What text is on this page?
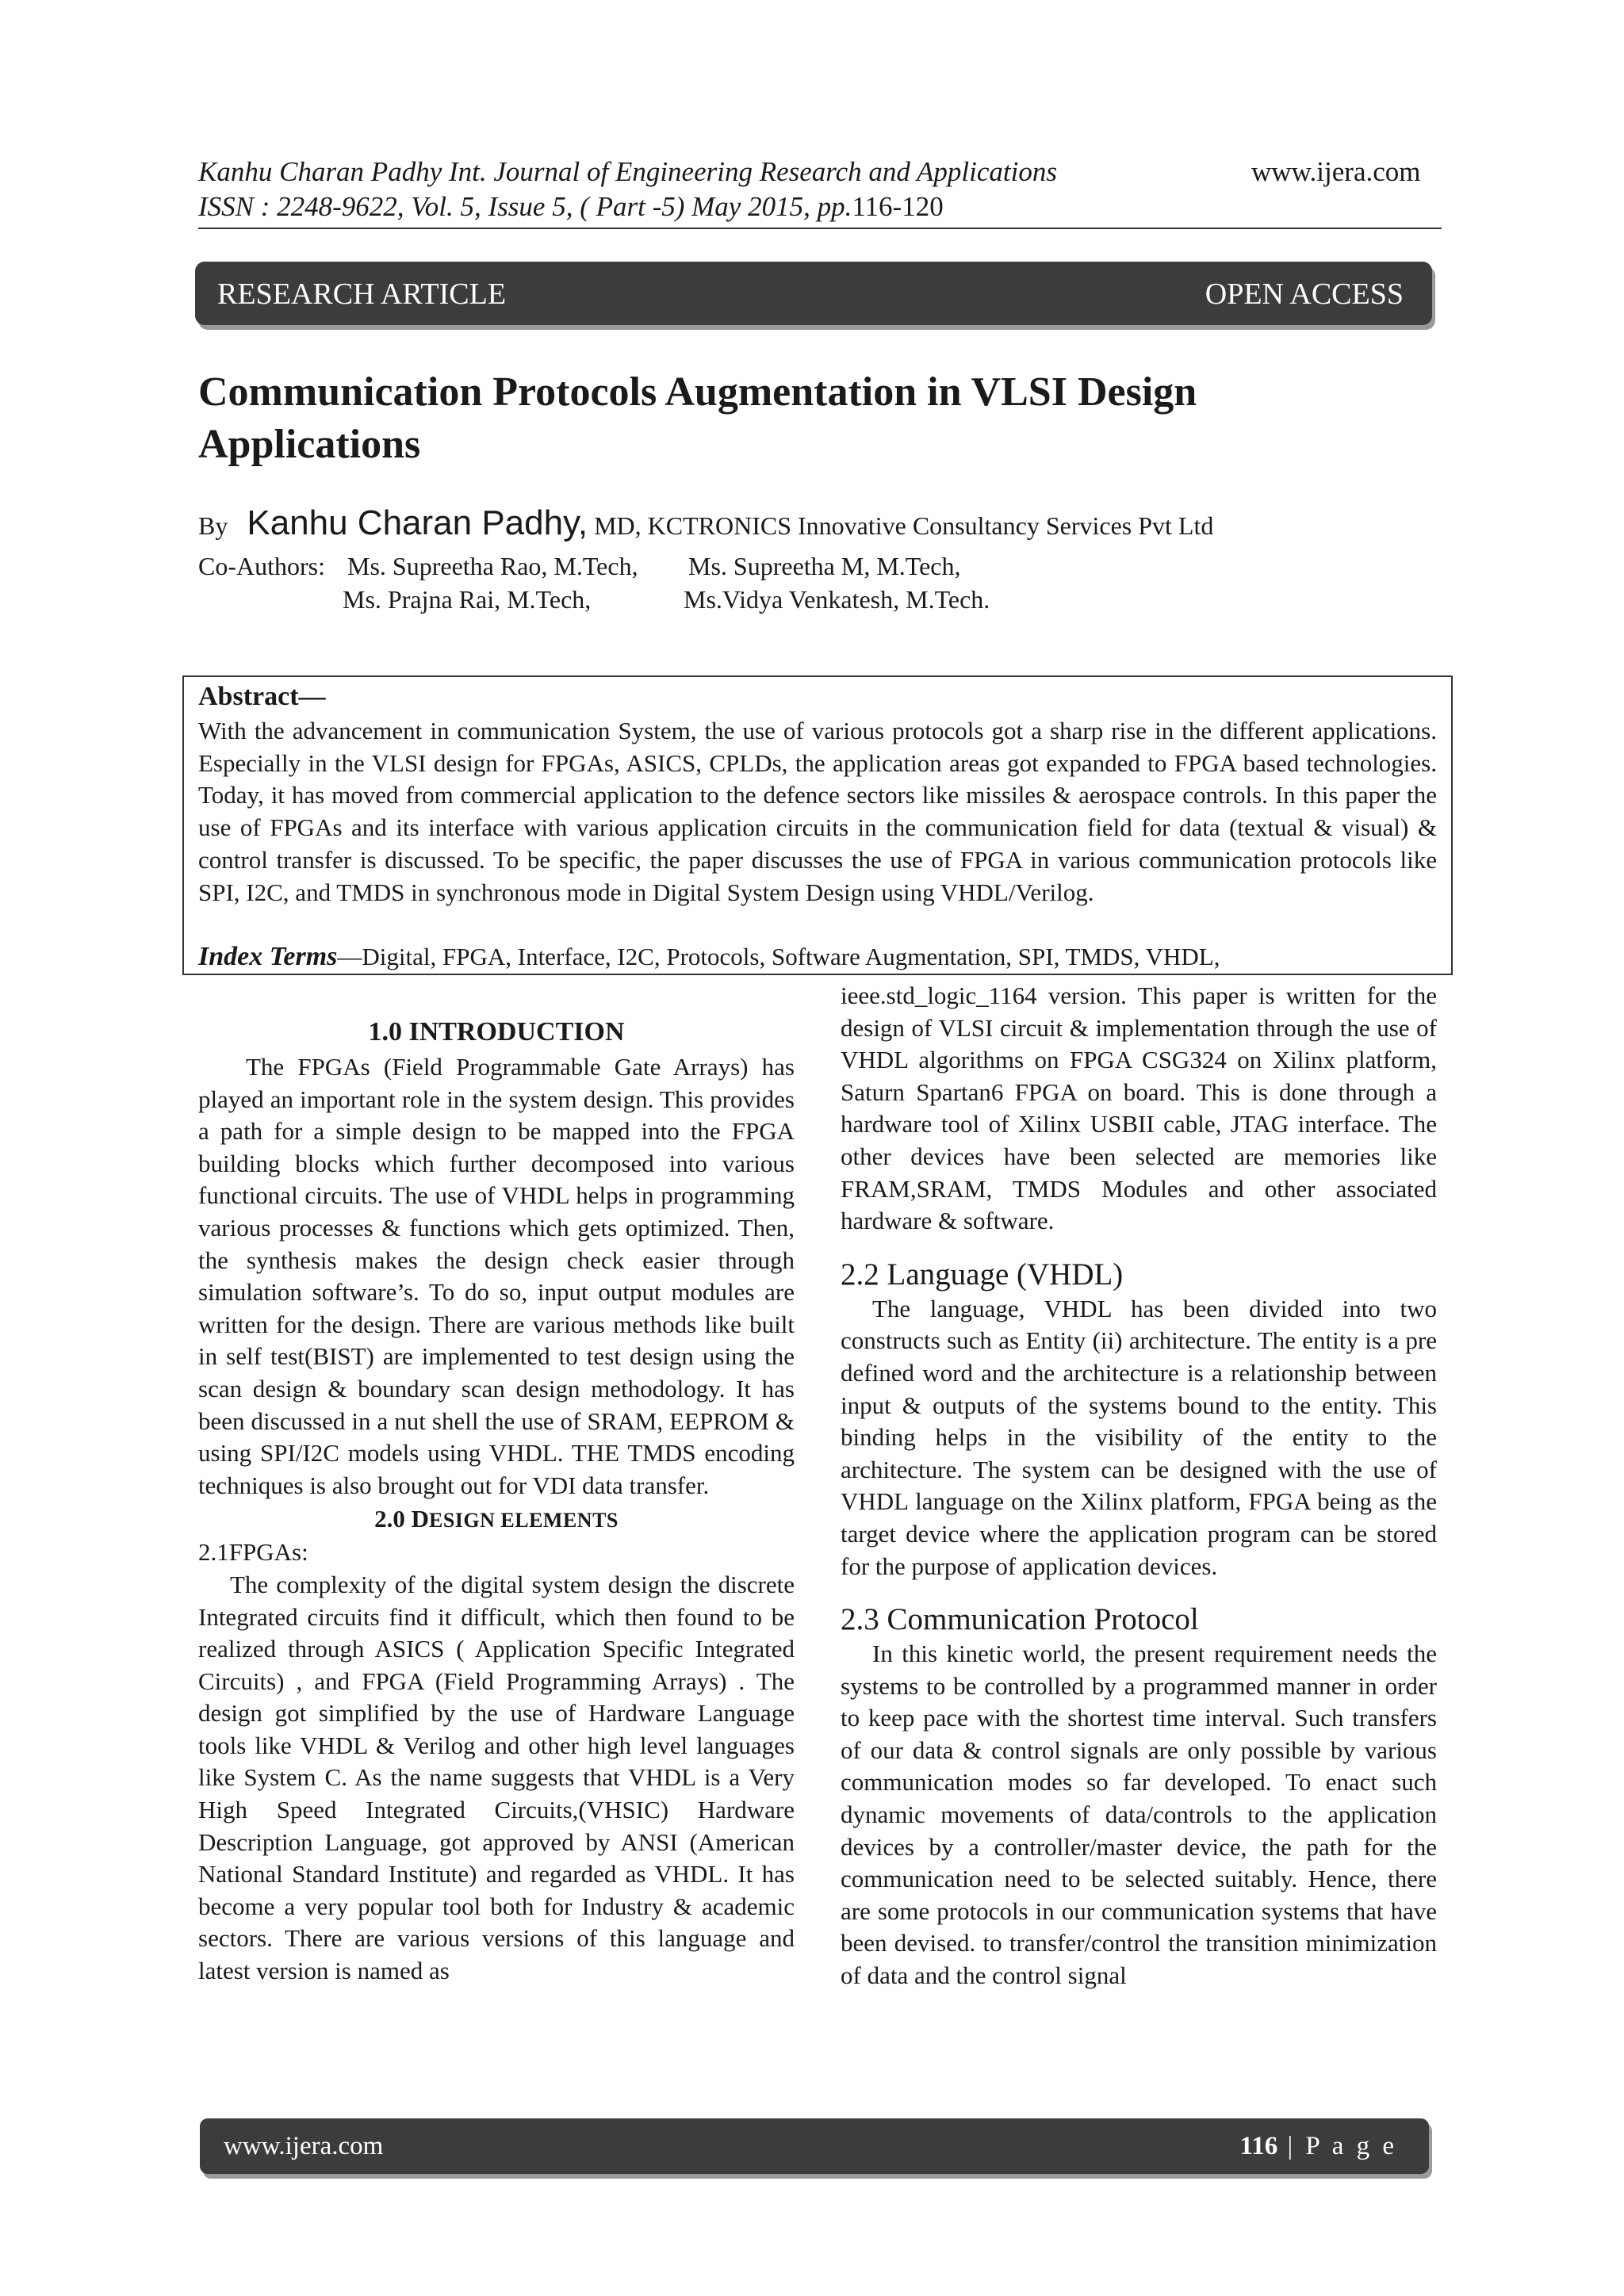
Kanhu Charan Padhy Int. Journal of Engineering Research and Applications
ISSN : 2248-9622, Vol. 5, Issue 5, ( Part -5) May 2015, pp.116-120
www.ijera.com
RESEARCH ARTICLE	OPEN ACCESS
Communication Protocols Augmentation in VLSI Design
Applications
By Kanhu Charan Padhy, MD, KCTRONICS Innovative Consultancy Services Pvt Ltd
Co-Authors: Ms. Supreetha Rao, M.Tech, Ms. Supreetha M, M.Tech,
Ms. Prajna Rai, M.Tech,	Ms.Vidya Venkatesh, M.Tech.
Abstract—
With the advancement in communication System, the use of various protocols got a sharp rise in the different applications. Especially in the VLSI design for FPGAs, ASICS, CPLDs, the application areas got expanded to FPGA based technologies. Today, it has moved from commercial application to the defence sectors like missiles & aerospace controls. In this paper the use of FPGAs and its interface with various application circuits in the communication field for data (textual & visual) & control transfer is discussed. To be specific, the paper discusses the use of FPGA in various communication protocols like SPI, I2C, and TMDS in synchronous mode in Digital System Design using VHDL/Verilog.
Index Terms—Digital, FPGA, Interface, I2C, Protocols, Software Augmentation, SPI, TMDS, VHDL,

1.0 INTRODUCTION

The FPGAs (Field Programmable Gate Arrays) has played an important role in the system design. This provides a path for a simple design to be mapped into the FPGA building blocks which further decomposed into various functional circuits. The use of VHDL helps in programming various processes & functions which gets optimized. Then, the synthesis makes the design check easier through simulation software’s. To do so, input output modules are written for the design. There are various methods like built in self test(BIST) are implemented to test design using the scan design & boundary scan design methodology. It has been discussed in a nut shell the use of SRAM, EEPROM & using SPI/I2C models using VHDL. THE TMDS encoding techniques is also brought out for VDI data transfer.

2.0 DESIGN ELEMENTS

2.1FPGAs:

The complexity of the digital system design the discrete Integrated circuits find it difficult, which then found to be realized through ASICS ( Application Specific Integrated Circuits) , and FPGA (Field Programming Arrays) . The design got simplified by the use of Hardware Language tools like VHDL & Verilog and other high level languages like System C. As the name suggests that VHDL is a Very High Speed Integrated Circuits,(VHSIC) Hardware Description Language, got approved by ANSI (American National Standard Institute) and regarded as VHDL. It has become a very popular tool both for Industry & academic sectors. There are various versions of this language and latest version is named as

ieee.std_logic_1164 version. This paper is written for the design of VLSI circuit & implementation through the use of VHDL algorithms on FPGA CSG324 on Xilinx platform, Saturn Spartan6 FPGA on board. This is done through a hardware tool of Xilinx USBII cable, JTAG interface. The other devices have been selected are memories like FRAM,SRAM, TMDS Modules and other associated hardware & software.

2.2 Language (VHDL)

The language, VHDL has been divided into two constructs such as Entity (ii) architecture. The entity is a pre defined word and the architecture is a relationship between input & outputs of the systems bound to the entity. This binding helps in the visibility of the entity to the architecture. The system can be designed with the use of VHDL language on the Xilinx platform, FPGA being as the target device where the application program can be stored for the purpose of application devices.

2.3 Communication Protocol

In this kinetic world, the present requirement needs the systems to be controlled by a programmed manner in order to keep pace with the shortest time interval. Such transfers of our data & control signals are only possible by various communication modes so far developed. To enact such dynamic movements of data/controls to the application devices by a controller/master device, the path for the communication need to be selected suitably. Hence, there are some protocols in our communication systems that have been devised. to transfer/control the transition minimization of data and the control signal

www.ijera.com	116 | P a g e
